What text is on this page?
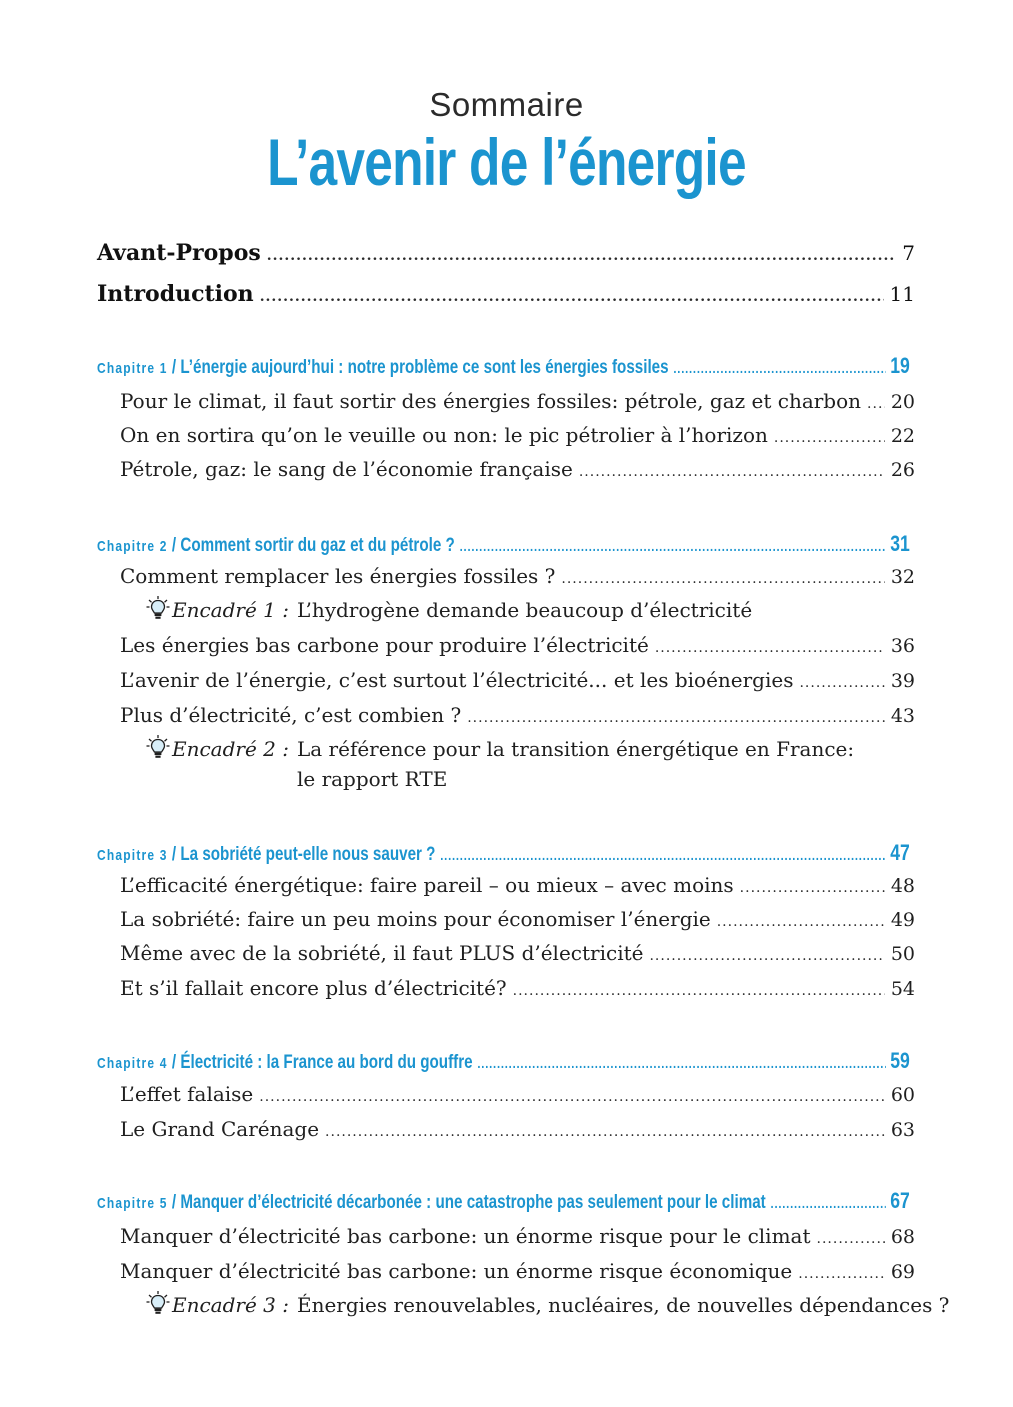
Sommaire
L’avenir de l’énergie
Avant-Propos .....	7
Introduction .....	11
Chapitre 1 / L’énergie aujourd’hui : notre problème ce sont les énergies fossiles .....	19
Pour le climat, il faut sortir des énergies fossiles: pétrole, gaz et charbon ..... 20
On en sortira qu’on le veuille ou non: le pic pétrolier à l’horizon .....	22
Pétrole, gaz: le sang de l’économie française .....	26
Chapitre 2 / Comment sortir du gaz et du pétrole ? .....	31
Comment remplacer les énergies fossiles ? .....	32
Encadré 1 : L’hydrogène demande beaucoup d’électricité
Les énergies bas carbone pour produire l’électricité .....	36
L’avenir de l’énergie, c’est surtout l’électricité... et les bioénergies .....	39
Plus d’électricité, c’est combien ? .....	43
Encadré 2 : La référence pour la transition énergétique en France:
le rapport RTE
Chapitre 3 / La sobriété peut-elle nous sauver ? .....	47
L’efficacité énergétique: faire pareil – ou mieux – avec moins .....	48
La sobriété: faire un peu moins pour économiser l’énergie .....	49
Même avec de la sobriété, il faut PLUS d’électricité .....	50
Et s’il fallait encore plus d’électricité? .....	54
Chapitre 4 / Électricité : la France au bord du gouffre .....	59
L’effet falaise .....	60
Le Grand Carénage .....	63
Chapitre 5 / Manquer d’électricité décarbonée : une catastrophe pas seulement pour le climat .....	67
Manquer d’électricité bas carbone: un énorme risque pour le climat .....	68
Manquer d’électricité bas carbone: un énorme risque économique .....	69
Encadré 3 : Énergies renouvelables, nucléaires, de nouvelles dépendances ?
